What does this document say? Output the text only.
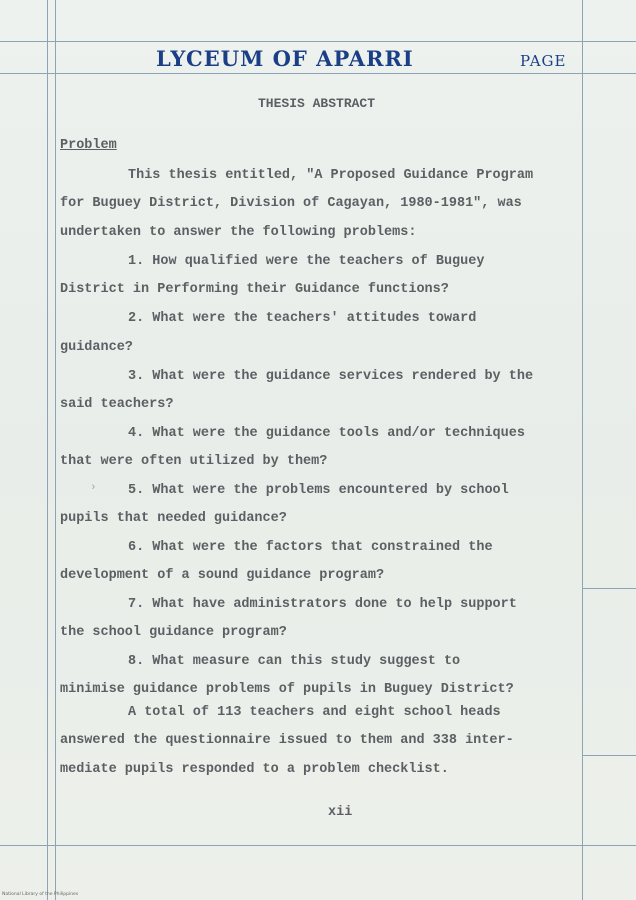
LYCEUM OF APARRI	PAGE
THESIS ABSTRACT
Problem
This thesis entitled, "A Proposed Guidance Program
for Buguey District, Division of Cagayan, 1980-1981", was
undertaken to answer the following problems:
1. How qualified were the teachers of Buguey
District in Performing their Guidance functions?
2. What were the teachers' attitudes toward
guidance?
3. What were the guidance services rendered by the
said teachers?
4. What were the guidance tools and/or techniques
that were often utilized by them?
5. What were the problems encountered by school
pupils that needed guidance?
6. What were the factors that constrained the
development of a sound guidance program?
7. What have administrators done to help support
the school guidance program?
8. What measure can this study suggest to
minimise guidance problems of pupils in Buguey District?
A total of 113 teachers and eight school heads
answered the questionnaire issued to them and 338 inter-
mediate pupils responded to a problem checklist.
›
xii
National Library of the Philippines
